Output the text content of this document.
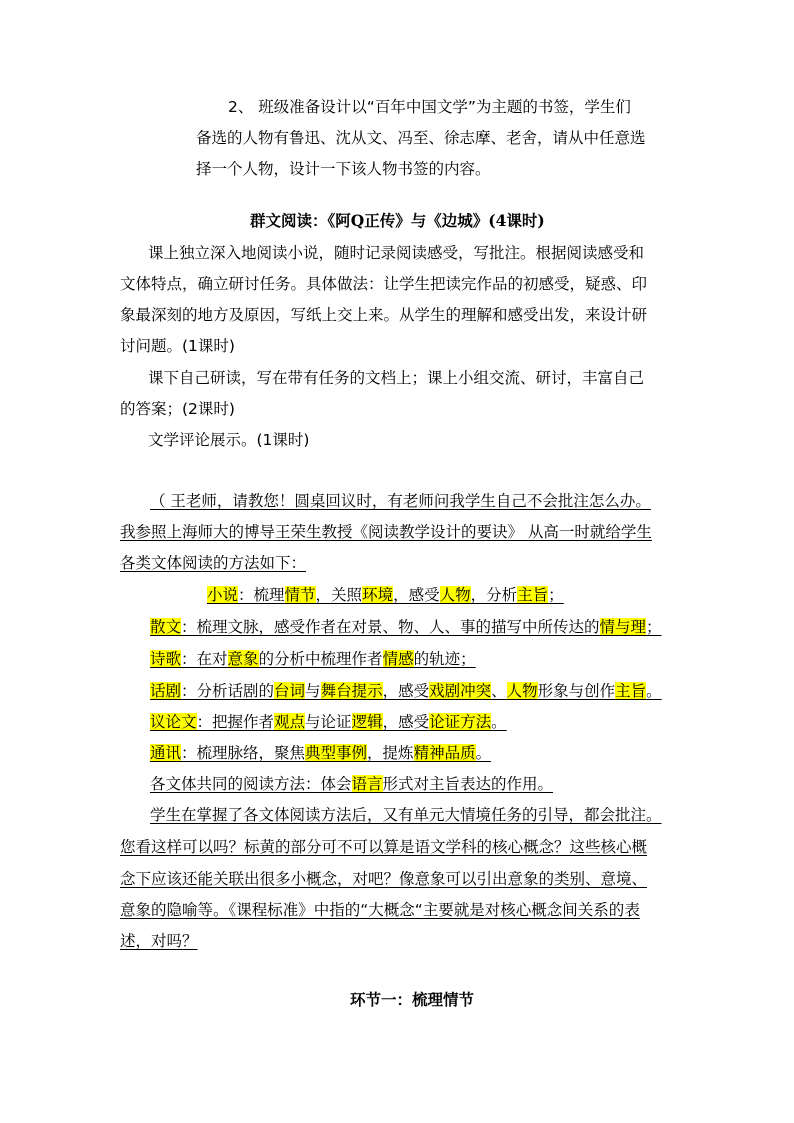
2、 班级准备设计以“百年中国文学”为主题的书签，学生们
备选的人物有鲁迅、沈从文、冯至、徐志摩、老舍，请从中任意选
择一个人物，设计一下该人物书签的内容。
群文阅读：《阿Q正传》与《边城》(4课时)
课上独立深入地阅读小说，随时记录阅读感受，写批注。根据阅读感受和
文体特点，确立研讨任务。具体做法：让学生把读完作品的初感受，疑惑、印
象最深刻的地方及原因，写纸上交上来。从学生的理解和感受出发，来设计研
讨问题。(1课时)
课下自己研读，写在带有任务的文档上；课上小组交流、研讨，丰富自己
的答案；(2课时)
文学评论展示。(1课时)
（ 王老师，请教您！圆桌回议时，有老师问我学生自己不会批注怎么办。
我参照上海师大的博导王荣生教授《阅读教学设计的要诀》 从高一时就给学生
各类文体阅读的方法如下：
小说：梳理情节，关照环境，感受人物，分析主旨；
散文：梳理文脉，感受作者在对景、物、人、事的描写中所传达的情与理；
诗歌：在对意象的分析中梳理作者情感的轨迹；
话剧：分析话剧的台词与舞台提示，感受戏剧冲突、人物形象与创作主旨。
议论文：把握作者观点与论证逻辑，感受论证方法。
通讯：梳理脉络，聚焦典型事例，提炼精神品质。
各文体共同的阅读方法：体会语言形式对主旨表达的作用。
学生在掌握了各文体阅读方法后，又有单元大情境任务的引导，都会批注。
您看这样可以吗？标黄的部分可不可以算是语文学科的核心概念？这些核心概
念下应该还能关联出很多小概念，对吧？像意象可以引出意象的类别、意境、
意象的隐喻等。《课程标准》中指的“大概念“主要就是对核心概念间关系的表
述，对吗？
环节一：梳理情节
